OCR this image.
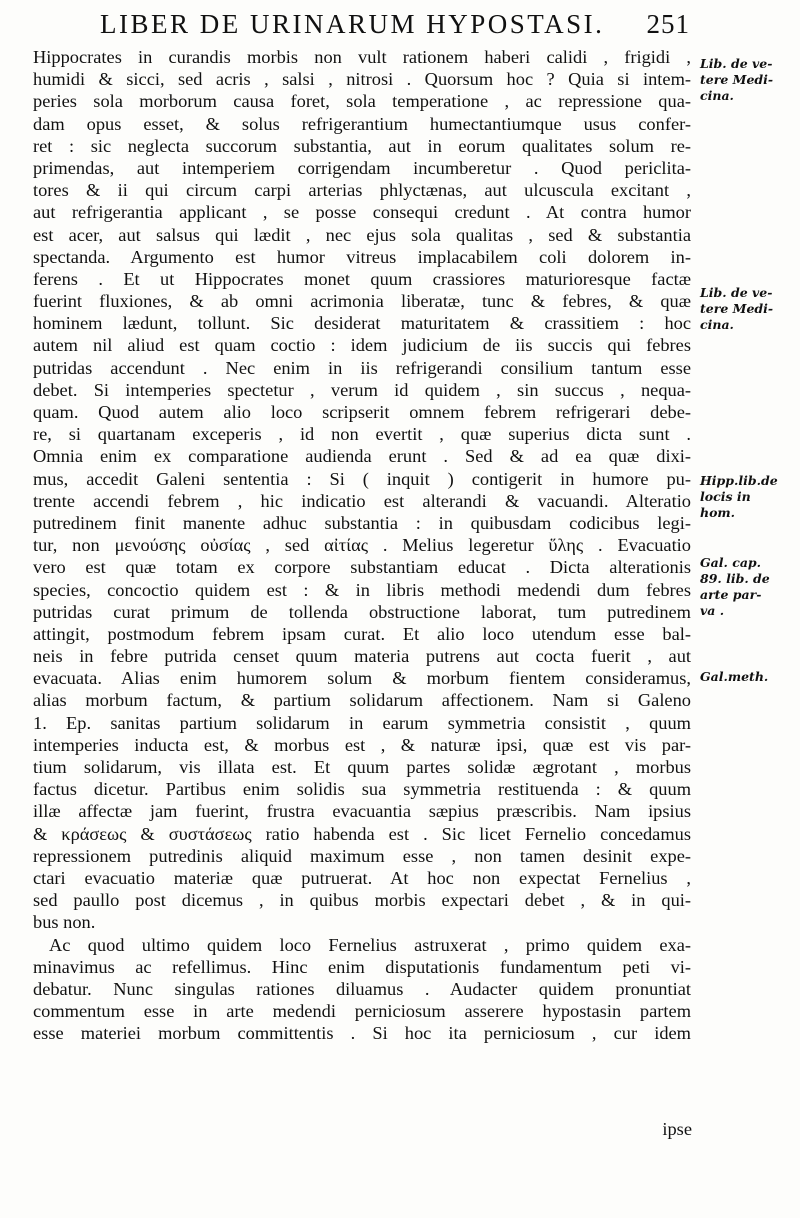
LIBER DE URINARUM HYPOSTASI. 251
Hippocrates in curandis morbis non vult rationem haberi calidi , frigidi ,
humidi & sicci, sed acris , salsi , nitrosi . Quorsum hoc ? Quia si intem-
peries sola morborum causa foret, sola temperatione , ac repressione qua-
dam opus esset, & solus refrigerantium humectantiumque usus confer-
ret : sic neglecta succorum substantia, aut in eorum qualitates solum re-
primendas, aut intemperiem corrigendam incumberetur . Quod periclita-
tores & ii qui circum carpi arterias phlyctænas, aut ulcuscula excitant ,
aut refrigerantia applicant , se posse consequi credunt . At contra humor
est acer, aut salsus qui lædit , nec ejus sola qualitas , sed & substantia
spectanda. Argumento est humor vitreus implacabilem coli dolorem in-
ferens . Et ut Hippocrates monet quum crassiores maturioresque factæ
fuerint fluxiones, & ab omni acrimonia liberatæ, tunc & febres, & quæ
hominem lædunt, tollunt. Sic desiderat maturitatem & crassitiem : hoc
autem nil aliud est quam coctio : idem judicium de iis succis qui febres
putridas accendunt . Nec enim in iis refrigerandi consilium tantum esse
debet. Si intemperies spectetur , verum id quidem , sin succus , nequa-
quam. Quod autem alio loco scripserit omnem febrem refrigerari debe-
re, si quartanam exceperis , id non evertit , quæ superius dicta sunt .
Omnia enim ex comparatione audienda erunt . Sed & ad ea quæ dixi-
mus, accedit Galeni sententia : Si ( inquit ) contigerit in humore pu-
trente accendi febrem , hic indicatio est alterandi & vacuandi. Alteratio
putredinem finit manente adhuc substantia : in quibusdam codicibus legi-
tur, non μενούσης οὐσίας , sed αἰτίας . Melius legeretur ὕλης . Evacuatio
vero est quæ totam ex corpore substantiam educat . Dicta alterationis
species, concoctio quidem est : & in libris methodi medendi dum febres
putridas curat primum de tollenda obstructione laborat, tum putredinem
attingit, postmodum febrem ipsam curat. Et alio loco utendum esse bal-
neis in febre putrida censet quum materia putrens aut cocta fuerit , aut
evacuata. Alias enim humorem solum & morbum fientem consideramus,
alias morbum factum, & partium solidarum affectionem. Nam si Galeno
1. Ep. sanitas partium solidarum in earum symmetria consistit , quum
intemperies inducta est, & morbus est , & naturæ ipsi, quæ est vis par-
tium solidarum, vis illata est. Et quum partes solidæ ægrotant , morbus
factus dicetur. Partibus enim solidis sua symmetria restituenda : & quum
illæ affectæ jam fuerint, frustra evacuantia sæpius præscribis. Nam ipsius
& κράσεως & συστάσεως ratio habenda est . Sic licet Fernelio concedamus
repressionem putredinis aliquid maximum esse , non tamen desinit expe-
ctari evacuatio materiæ quæ putruerat. At hoc non expectat Fernelius ,
sed paullo post dicemus , in quibus morbis expectari debet , & in qui-
bus non.
Ac quod ultimo quidem loco Fernelius astruxerat , primo quidem exa-
minavimus ac refellimus. Hinc enim disputationis fundamentum peti vi-
debatur. Nunc singulas rationes diluamus . Audacter quidem pronuntiat
commentum esse in arte medendi perniciosum asserere hypostasin partem
esse materiei morbum committentis . Si hoc ita perniciosum , cur idem
ipse
Lib. de ve-
tere Medi-
cina.
Lib. de ve-
tere Medi-
cina.
Hipp.lib.de
locis in
hom.
Gal. cap.
89. lib. de
arte par-
va .
Gal.meth.
